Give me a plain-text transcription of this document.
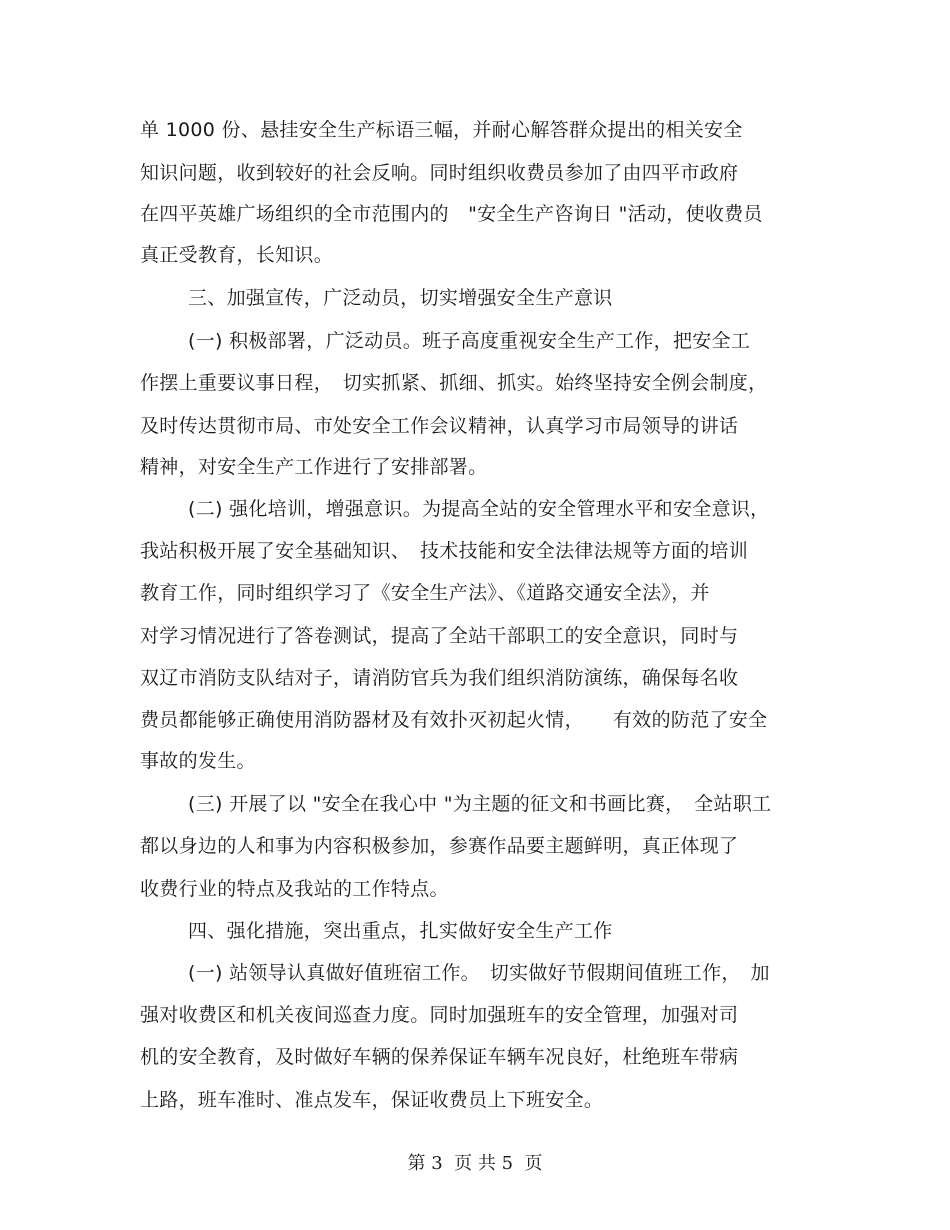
单 1000 份、悬挂安全生产标语三幅，并耐心解答群众提出的相关安全
知识问题，收到较好的社会反响。同时组织收费员参加了由四平市政府
在四平英雄广场组织的全市范围内的　"安全生产咨询日 "活动，使收费员
真正受教育，长知识。
三、加强宣传，广泛动员，切实增强安全生产意识
(一) 积极部署，广泛动员。班子高度重视安全生产工作，把安全工
作摆上重要议事日程，　切实抓紧、抓细、抓实。始终坚持安全例会制度，
及时传达贯彻市局、市处安全工作会议精神，认真学习市局领导的讲话
精神，对安全生产工作进行了安排部署。
(二) 强化培训，增强意识。为提高全站的安全管理水平和安全意识，
我站积极开展了安全基础知识、　技术技能和安全法律法规等方面的培训
教育工作，同时组织学习了《安全生产法》、《道路交通安全法》，并
对学习情况进行了答卷测试，提高了全站干部职工的安全意识，同时与
双辽市消防支队结对子，请消防官兵为我们组织消防演练，确保每名收
费员都能够正确使用消防器材及有效扑灭初起火情，　　有效的防范了安全
事故的发生。
(三) 开展了以 "安全在我心中 "为主题的征文和书画比赛，　全站职工
都以身边的人和事为内容积极参加，参赛作品要主题鲜明，真正体现了
收费行业的特点及我站的工作特点。
四、强化措施，突出重点，扎实做好安全生产工作
(一) 站领导认真做好值班宿工作。　切实做好节假期间值班工作，　加
强对收费区和机关夜间巡查力度。同时加强班车的安全管理，加强对司
机的安全教育，及时做好车辆的保养保证车辆车况良好，杜绝班车带病
上路，班车准时、准点发车，保证收费员上下班安全。
第 3  页 共 5  页
